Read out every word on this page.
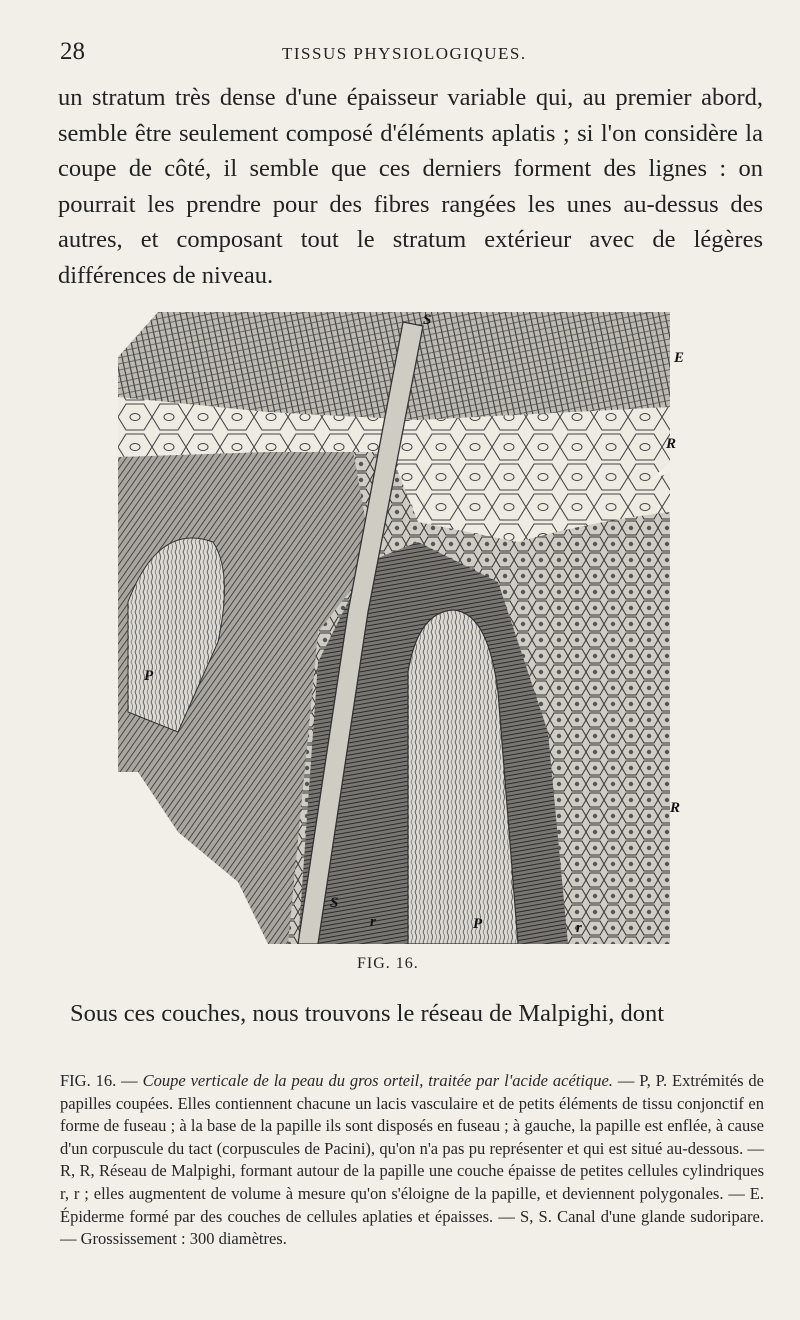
28	TISSUS PHYSIOLOGIQUES.

un stratum très dense d'une épaisseur variable qui, au premier abord, semble être seulement composé d'éléments aplatis ; si l'on considère la coupe de côté, il semble que ces derniers forment des lignes : on pourrait les prendre pour des fibres rangées les unes au-dessus des autres, et composant tout le stratum extérieur avec de légères différences de niveau.

S
E
R
P
R
S
r	P	r
FIG. 16.
Sous ces couches, nous trouvons le réseau de Malpighi, dont

FIG. 16. — Coupe verticale de la peau du gros orteil, traitée par l'acide acétique. — P, P. Extrémités de papilles coupées. Elles contiennent chacune un lacis vasculaire et de petits éléments de tissu conjonctif en forme de fuseau ; à la base de la papille ils sont disposés en fuseau ; à gauche, la papille est enflée, à cause d'un corpuscule du tact (corpuscules de Pacini), qu'on n'a pas pu représenter et qui est situé au-dessous. — R, R, Réseau de Malpighi, formant autour de la papille une couche épaisse de petites cellules cylindriques r, r ; elles augmentent de volume à mesure qu'on s'éloigne de la papille, et deviennent polygonales. — E. Épiderme formé par des couches de cellules aplaties et épaisses. — S, S. Canal d'une glande sudoripare. — Grossissement : 300 diamètres.
